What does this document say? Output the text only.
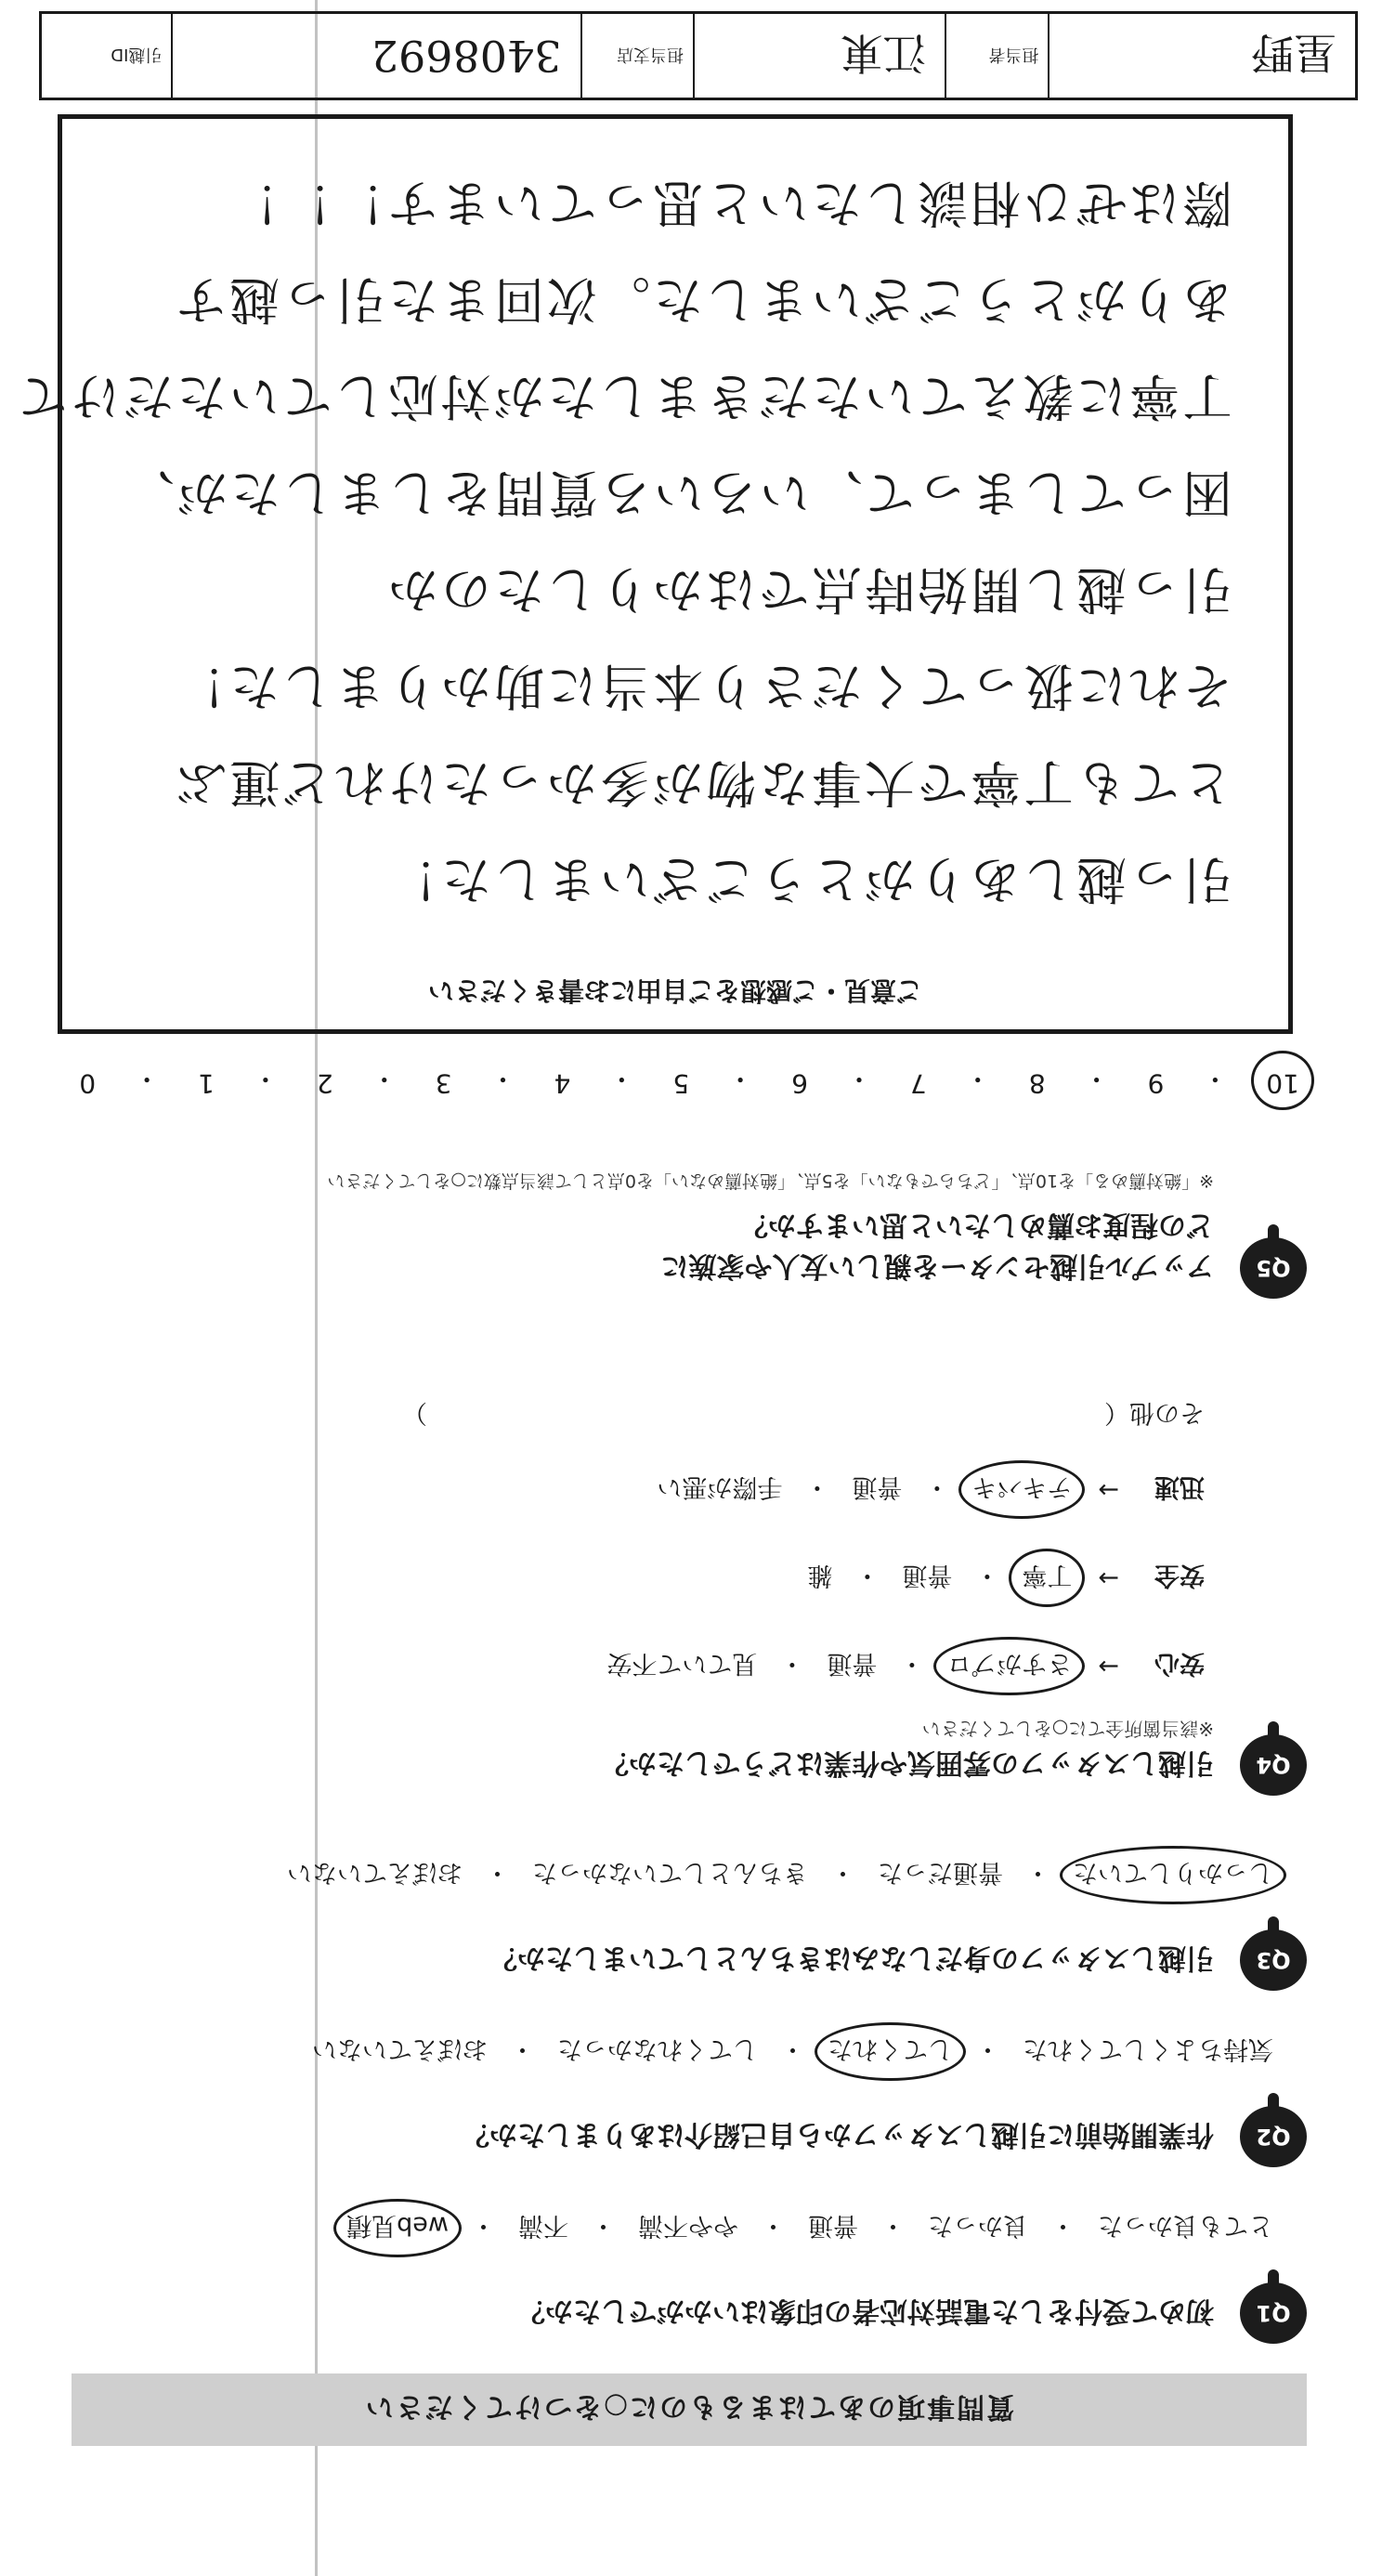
質問事項のあてはまるものに○をつけてください
Q1
初めて受付をした電話対応者の印象はいかがでしたか？
とても良かった
・
良かった
・
普通
・
やや不満
・
不満
・
web見積
Q2
作業開始前に引越しスタッフから自己紹介はありましたか？
気持ちよくしてくれた
・
してくれた
・
してくれなかった
・
おぼえていない
Q3
引越しスタッフの身だしなみはきちんとしていましたか？
しっかりしていた
・
普通だった
・
きちんとしていなかった
・
おぼえていない
Q4
引越しスタッフの雰囲気や作業はどうでしたか？
※該当箇所全てに○をしてください
安心
→
さすがプロ
・
普通
・
見ていて不安
安全
→
丁寧
・
普通
・
雑
迅速
→
テキパキ
・
普通
・
手際が悪い
その他（　　　　　　　　　　　　　　　　　　　　　　　　　　　）
Q5
アップル引越センターを親しい友人や家族に
どの程度お薦めしたいと思いますか？
※「絶対薦める」を10点、「どちらでもない」を5点、「絶対薦めない」を0点として該当点数に○をしてください
10
・
9
・
8
・
7
・
6
・
5
・
4
・
3
・
2
・
1
・
0
ご意見・ご感想をご自由にお書きください
引っ越しありがとうございました！
とても丁寧で大事な物が多かったけれど運ぶ
それに扱ってくださり本当に助かりました！
引っ越し開始時点ではかりしたのか
困ってしまって、いろいろ質問をしましたが、
丁寧に教えていただきましたが対応していただけて
ありがとうございました。次回また引っ越す
際はぜひ相談したいと思っています！！！
星野
担当者
江東
担当支店
3408692
引越ID
